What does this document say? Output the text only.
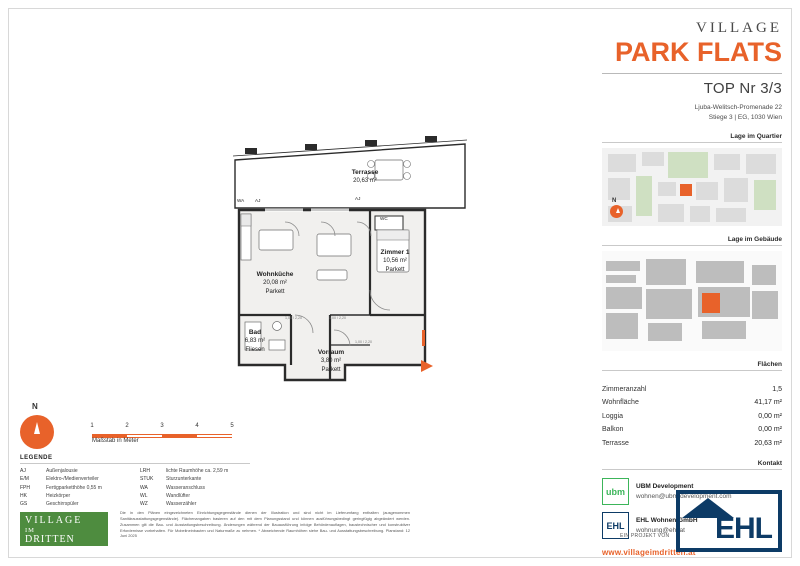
VILLAGE
PARK FLATS
TOP Nr 3/3
Ljuba-Welitsch-Promenade 22
Stiege 3 | EG, 1030 Wien
Lage im Quartier
N
Lage im Gebäude
Flächen
Zimmeranzahl	1,5
Wohnfläche	41,17 m²
Loggia	0,00 m²
Balkon	0,00 m²
Terrasse	20,63 m²
Kontakt
ubm
UBM Development
wohnen@ubm-development.com
EHL
EHL Wohnen GmbH
wohnung@ehl.at
www.villageimdritten.at
Terrasse
20,63 m²
Wohnküche
20,08 m²
Parkett
Zimmer 1
10,56 m²
Parkett
Bad
6,83 m²
Fliesen	Vorraum
3,80 m²
Parkett
WA AJ	AJ
WC
1,00 / 2,20	1,00 / 2,20
1,00 / 2,20
N
1	2	3	4	5
Maßstab in Meter
LEGENDE
AJ	Außenjalousie
E/M	Elektro-/Medienverteiler
FPH	Fertigparketthöhe 0,55 m
HK	Heizkörper
GS	Geschirrspüler
LRH	lichte Raumhöhe ca. 2,59 m
STUK	Sturzunterkante
WA	Wasseranschluss
WL	Wandlüfter
WZ	Wasserzähler
VILLAGE
IM
DRITTEN
Die in den Plänen eingezeichneten Einrichtungsgegenstände dienen der Illustration und sind nicht im Lieferumfang enthalten (ausgenommen Sanitärausstattungsgegenstände). Flächenangaben basieren auf den mit dem Planungsstand und können ausführungsbedingt geringfügig abgeändert werden. Zusammen gilt die Bau- und Ausstattungsbeschreibung. Änderungen während der Bauausführung infolge Behördenauflagen, baustechnischer und konstruktiver Erfordernisse vorbehalten. Für Mobelineinbauten und Naturmaße zu nehmen. * Abweichende Raumhöhen siehe Bau- und Ausstattungsbeschreibung. Planstand: 12 Juni 2025	EIN PROJEKT VON EHL
